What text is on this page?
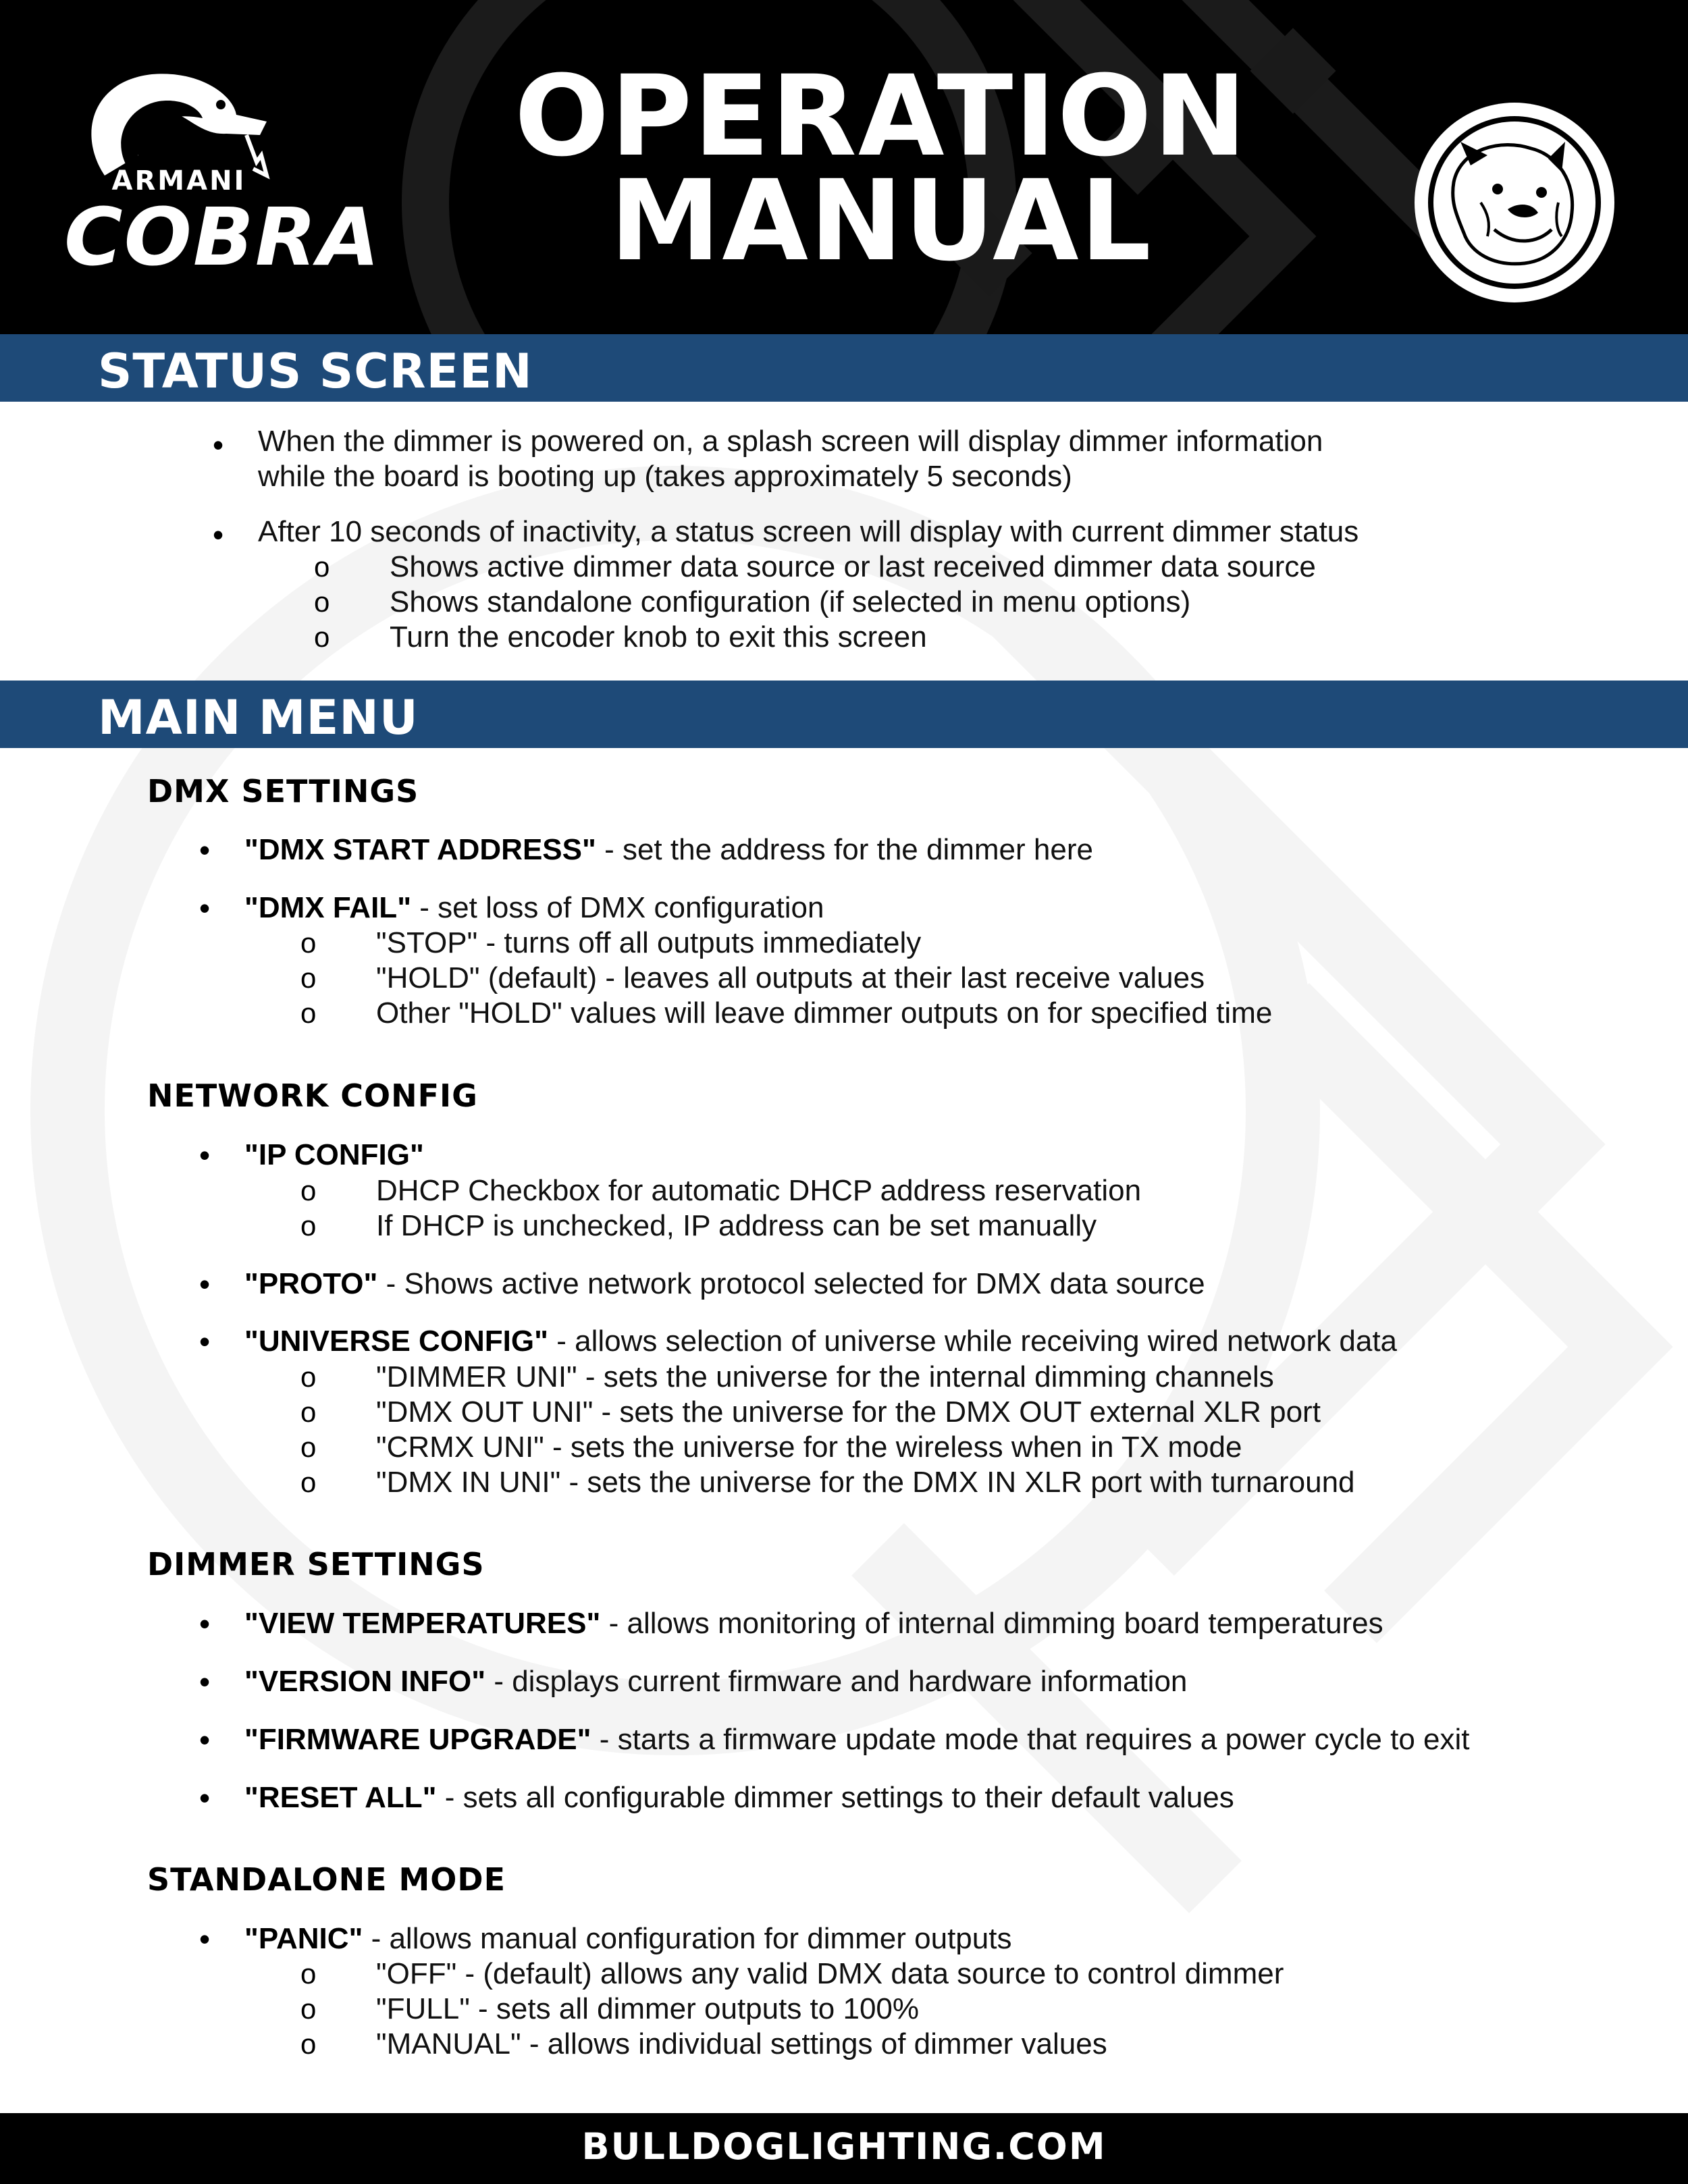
ARMANI
COBRA
OPERATION
MANUAL
STATUS SCREEN
• When the dimmer is powered on, a splash screen will display dimmer information
while the board is booting up (takes approximately 5 seconds)
• After 10 seconds of inactivity, a status screen will display with current dimmer status
o Shows active dimmer data source or last received dimmer data source
o Shows standalone configuration (if selected in menu options)
o Turn the encoder knob to exit this screen
MAIN MENU
DMX SETTINGS
• "DMX START ADDRESS" - set the address for the dimmer here
• "DMX FAIL" - set loss of DMX configuration
o "STOP" - turns off all outputs immediately
o "HOLD" (default) - leaves all outputs at their last receive values
o Other "HOLD" values will leave dimmer outputs on for specified time
NETWORK CONFIG
• "IP CONFIG"
o DHCP Checkbox for automatic DHCP address reservation
o If DHCP is unchecked, IP address can be set manually
• "PROTO" - Shows active network protocol selected for DMX data source
• "UNIVERSE CONFIG" - allows selection of universe while receiving wired network data
o "DIMMER UNI" - sets the universe for the internal dimming channels
o "DMX OUT UNI" - sets the universe for the DMX OUT external XLR port
o "CRMX UNI" - sets the universe for the wireless when in TX mode
o "DMX IN UNI" - sets the universe for the DMX IN XLR port with turnaround
DIMMER SETTINGS
• "VIEW TEMPERATURES" - allows monitoring of internal dimming board temperatures
• "VERSION INFO" - displays current firmware and hardware information
• "FIRMWARE UPGRADE" - starts a firmware update mode that requires a power cycle to exit
• "RESET ALL" - sets all configurable dimmer settings to their default values
STANDALONE MODE
• "PANIC" - allows manual configuration for dimmer outputs
o "OFF" - (default) allows any valid DMX data source to control dimmer
o "FULL" - sets all dimmer outputs to 100%
o "MANUAL" - allows individual settings of dimmer values
BULLDOGLIGHTING.COM
